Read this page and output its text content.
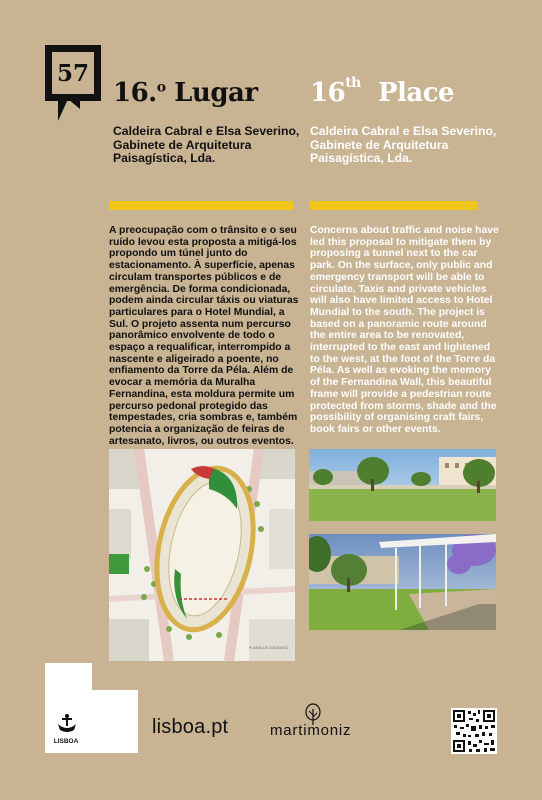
57
16.$^o$ Lugar 16th  Place
Caldeira Cabral e Elsa Severino, Gabinete de Arquitetura Paisagística, Lda.
Caldeira Cabral e Elsa Severino, Gabinete de Arquitetura Paisagística, Lda.
A preocupação com o trânsito e o seu ruído levou esta proposta a mitigá-los propondo um túnel junto do estacionamento. À superfície, apenas circulam transportes públicos e de emergência. De forma condicionada, podem ainda circular táxis ou viaturas particulares para o Hotel Mundial, a Sul. O projeto assenta num percurso panorâmico envolvente de todo o espaço a requalificar, interrompido a nascente e aligeirado a poente, no enfiamento da Torre da Péla. Além de evocar a memória da Muralha Fernandina, esta moldura permite um percurso pedonal protegido das tempestades, cria sombras e, também potencia a organização de feiras de artesanato, livros, ou outros eventos.
Concerns about traffic and noise have led this proposal to mitigate them by proposing a tunnel next to the car park. On the surface, only public and emergency transport will be able to circulate. Taxis and private vehicles will also have limited access to Hotel Mundial to the south. The project is based on a panoramic route around the entire area to be renovated, interrupted to the east and lightened to the west, at the foot of the Torre da Péla. As well as evoking the memory of the Fernandina Wall, this beautiful frame will provide a pedestrian route protected from storms, shade and the possibility of organising craft fairs, book fairs or other events.
PLANTA DE CONJUNTO
LISBOA
lisboa.pt	martimoniz
